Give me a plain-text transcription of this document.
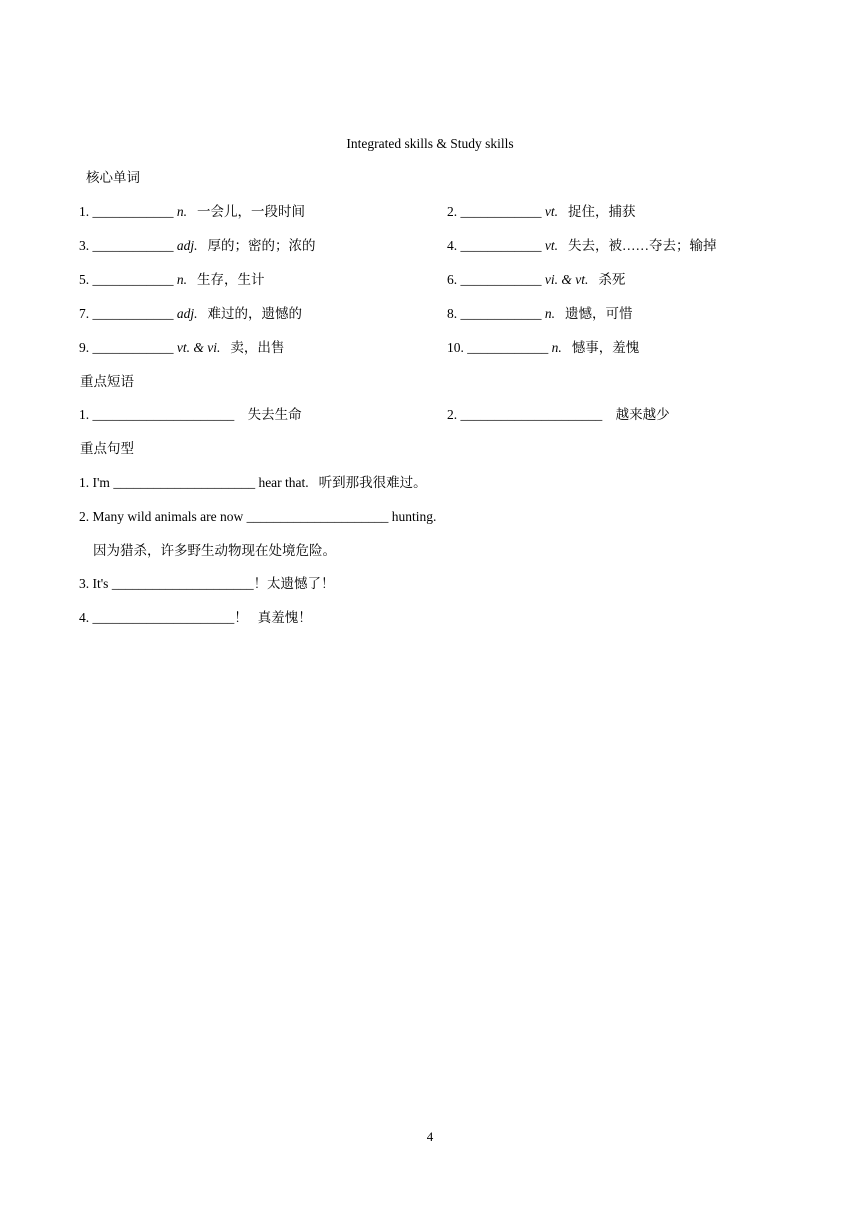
Integrated skills & Study skills
核心单词
1. ____________ n. 一会儿，一段时间	2. ____________ vt. 捉住，捕获
3. ____________ adj. 厚的；密的；浓的	4. ____________ vt. 失去，被……夺去；输掉
5. ____________ n. 生存，生计	6. ____________ vi. & vt. 杀死
7. ____________ adj. 难过的，遗憾的	8. ____________ n. 遗憾，可惜
9. ____________ vt. & vi. 卖，出售	10. ____________ n. 憾事，羞愧
重点短语
1. _____________________ 失去生命	2. _____________________ 越来越少
重点句型
1. I'm _____________________ hear that. 听到那我很难过。
2. Many wild animals are now _____________________ hunting.
因为猎杀，许多野生动物现在处境危险。
3. It's _____________________！太遗憾了！
4. _____________________！ 真羞愧！
4
